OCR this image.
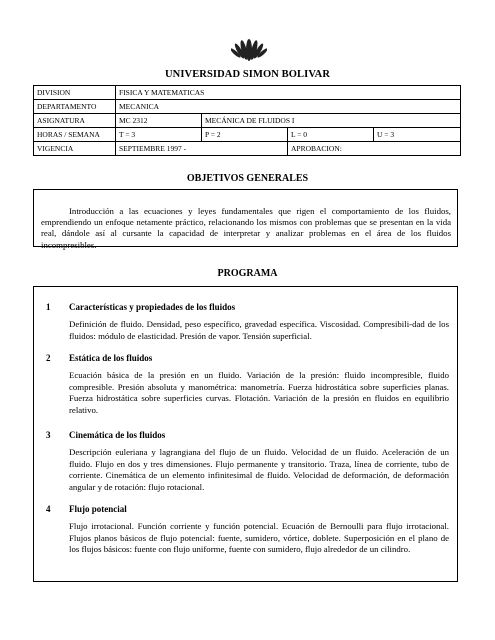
UNIVERSIDAD SIMON BOLIVAR
DIVISION	FISICA Y MATEMATICAS			
DEPARTAMENTO	MECANICA			
ASIGNATURA	MC 2312	MECÁNICA DE FLUIDOS I		
HORAS / SEMANA	T = 3	P = 2	L = 0	U = 3
VIGENCIA	SEPTIEMBRE 1997 -		APROBACION:	
OBJETIVOS GENERALES

Introducción a las ecuaciones y leyes fundamentales que rigen el comportamiento de los fluidos, emprendiendo un enfoque netamente práctico, relacionando los mismos con problemas que se presentan en la vida real, dándole así al cursante la capacidad de interpretar y analizar problemas en el área de los fluidos incompresibles.

PROGRAMA
1 Características y propiedades de los fluidos
Definición de fluido. Densidad, peso específico, gravedad específica. Viscosidad. Compresibili-dad de los fluidos: módulo de elasticidad. Presión de vapor. Tensión superficial.
2 Estática de los fluidos
Ecuación básica de la presión en un fluido. Variación de la presión: fluido incompresible, fluido compresible. Presión absoluta y manométrica: manometría. Fuerza hidrostática sobre superficies planas. Fuerza hidrostática sobre superficies curvas. Flotación. Variación de la presión en fluidos en equilibrio relativo.
3 Cinemática de los fluidos
Descripción euleriana y lagrangiana del flujo de un fluido. Velocidad de un fluido. Aceleración de un fluido. Flujo en dos y tres dimensiones. Flujo permanente y transitorio. Traza, línea de corriente, tubo de corriente. Cinemática de un elemento infinitesimal de fluido. Velocidad de deformación, de deformación angular y de rotación: flujo rotacional.
4 Flujo potencial
Flujo irrotacional. Función corriente y función potencial. Ecuación de Bernoulli para flujo irrotacional. Flujos planos básicos de flujo potencial: fuente, sumidero, vórtice, doblete. Superposición en el plano de los flujos básicos: fuente con flujo uniforme, fuente con sumidero, flujo alrededor de un cilindro.
